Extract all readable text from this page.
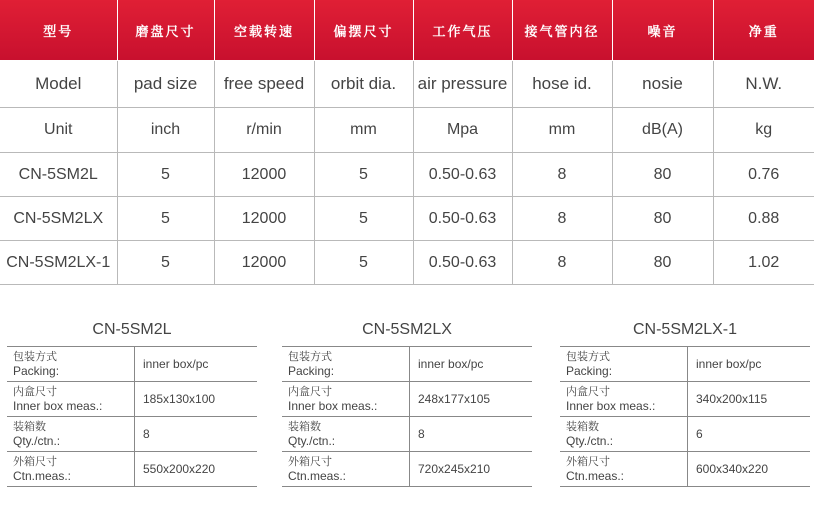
型号	磨盘尺寸	空载转速	偏摆尺寸	工作气压	接气管内径	噪音	净重
Model	pad size	free speed	orbit dia.	air pressure	hose id.	nosie	N.W.
Unit	inch	r/min	mm	Mpa	mm	dB(A)	kg
CN-5SM2L	5	12000	5	0.50-0.63	8	80	0.76
CN-5SM2LX	5	12000	5	0.50-0.63	8	80	0.88
CN-5SM2LX-1	5	12000	5	0.50-0.63	8	80	1.02
CN-5SM2L
包装方式
Packing:	inner box/pc

内盒尺寸
Inner box meas.:	185x130x100

装箱数
Qty./ctn.:	8

外箱尺寸
Ctn.meas.:	550x200x220
CN-5SM2LX
包装方式
Packing:	inner box/pc

内盒尺寸
Inner box meas.:	248x177x105

装箱数
Qty./ctn.:	8

外箱尺寸
Ctn.meas.:	720x245x210
CN-5SM2LX-1
包装方式
Packing:	inner box/pc

内盒尺寸
Inner box meas.:	340x200x115

装箱数
Qty./ctn.:	6

外箱尺寸
Ctn.meas.:	600x340x220
